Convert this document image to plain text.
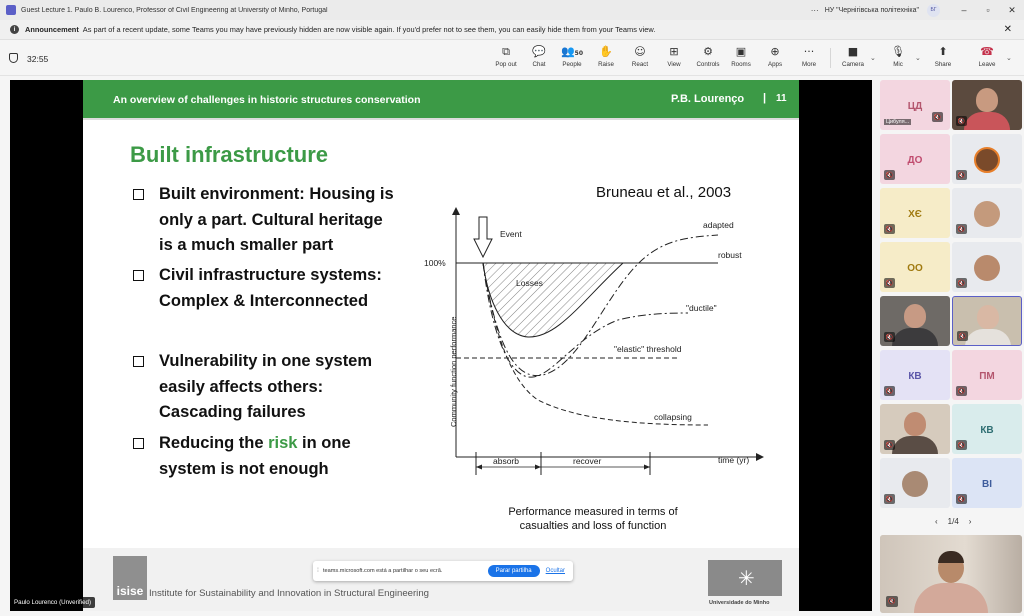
Guest Lecture 1. Paulo B. Lourenco, Professor of Civil Engineering at University of Minho, Portugal	··· НУ "Чернігівська політехніка"	БГ	–	▫	✕
i	Announcement As part of a recent update, some Teams you may have previously hidden are now visible again. If you'd prefer not to see them, you can easily hide them from your Teams view.	✕
32:55
⧉
Pop out
💬
Chat
👥50
People
✋
Raise
☺
React
⊞
View
⚙
Controls
▣
Rooms
⊕
Apps
···
More
■
Camera
⌄
🎙
Mic
⌄
⬆
Share
☎
Leave
⌄
An overview of challenges in historic structures conservation	P.B. Lourenço | 11
Built infrastructure
Built environment: Housing is
only a part. Cultural heritage
is a much smaller part
Civil infrastructure systems:
Complex & Interconnected
Vulnerability in one system
easily affects others:
Cascading failures
Reducing the risk in one
system is not enough
Bruneau et al., 2003
100%
Community function performance
Event
Losses
adapted
robust
"ductile"
"elastic" threshold
collapsing
absorb	recover	time (yr)
Performance measured in terms of
casualties and loss of function
isise Institute for Sustainability and Innovation in Structural Engineering
✳
Universidade do Minho
⁞ teams.microsoft.com está a partilhar o seu ecrã.	Parar partilha	Ocultar
Paulo Lourenco (Unverified)
ЦД
Цибуля...
🔇
🔇
ДО
🔇	🔇
ХЄ
🔇	🔇
ОО
🔇	🔇
🔇	🔇
КВ
🔇
ПМ
🔇
🔇
КВ
🔇
🔇
ВІ
🔇
‹ 1/4 ›
🔇
